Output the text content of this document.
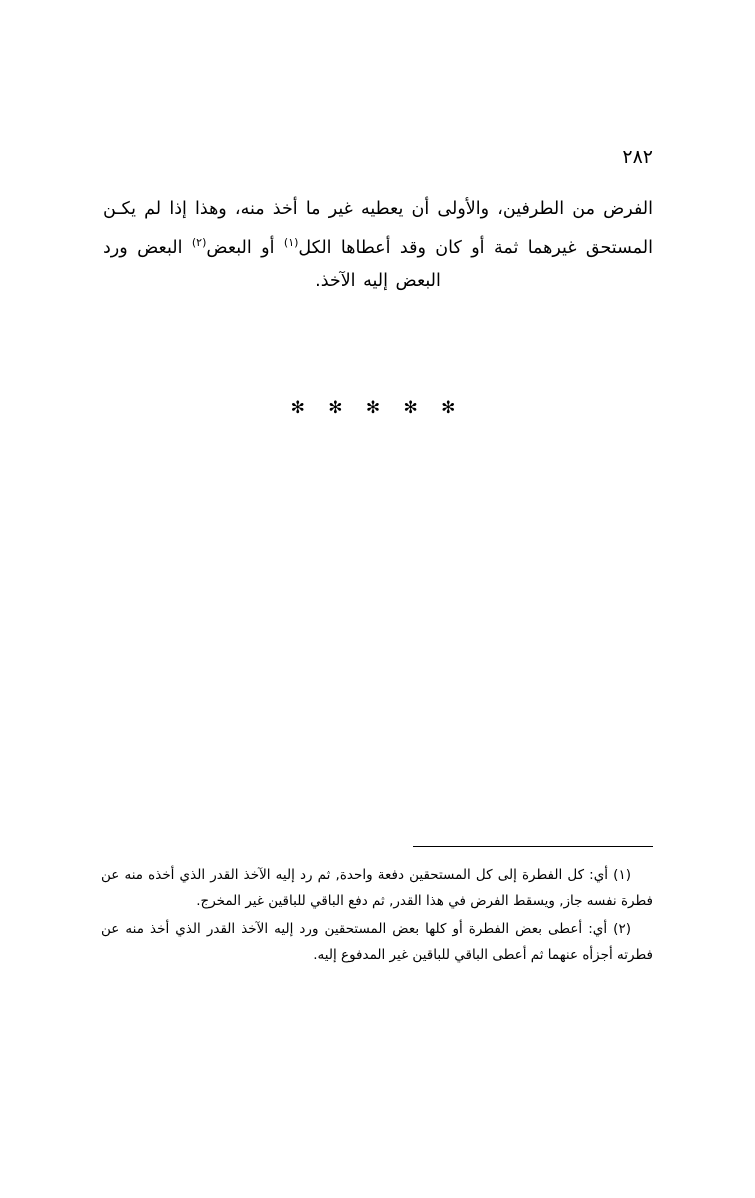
٢٨٢

الفرض من الطرفين، والأولى أن يعطيه غير ما أخذ منه، وهذا إذا لم يكـن المستحق غيرهما ثمة أو كان وقد أعطاها الكل$^{(١)}$ أو البعض$^{(٢)}$ البعض ورد البعض إليه الآخذ.

✻ ✻ ✻ ✻ ✻

(١) أي: كل الفطرة إلى كل المستحقين دفعة واحدة, ثم رد إليه الآخذ القدر الذي أخذه منه عن فطرة نفسه جاز, ويسقط الفرض في هذا القدر, ثم دفع الباقي للباقين غير المخرج.

(٢) أي: أعطى بعض الفطرة أو كلها بعض المستحقين ورد إليه الآخذ القدر الذي أخذ منه عن فطرته أجزأه عنهما ثم أعطى الباقي للباقين غير المدفوع إليه.
